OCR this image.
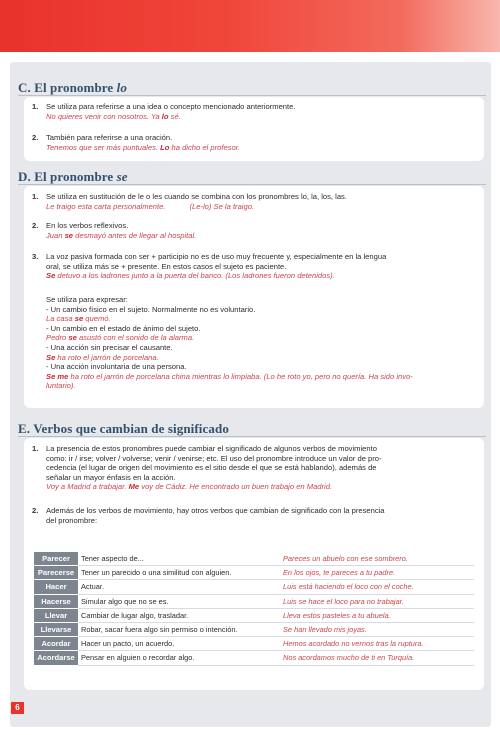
C. El pronombre lo
1. Se utiliza para referirse a una idea o concepto mencionado anteriormente.
No quieres venir con nosotros. Ya lo sé.
2. También para referirse a una oración.
Tenemos que ser más puntuales. Lo ha dicho el profesor.
D. El pronombre se
1. Se utiliza en sustitución de le o les cuando se combina con los pronombres lo, la, los, las.
Le traigo esta carta personalmente.	(Le-lo) Se la traigo.
2. En los verbos reflexivos.
Juan se desmayó antes de llegar al hospital.
3. La voz pasiva formada con ser + participio no es de uso muy frecuente y, especialmente en la lengua
oral, se utiliza más se + presente. En estos casos el sujeto es paciente.
Se detuvo a los ladrones junto a la puerta del banco. (Los ladrones fueron detenidos).
Se utiliza para expresar:
- Un cambio físico en el sujeto. Normalmente no es voluntario.
La casa se quemó.
- Un cambio en el estado de ánimo del sujeto.
Pedro se asustó con el sonido de la alarma.
- Una acción sin precisar el causante.
Se ha roto el jarrón de porcelana.
- Una acción involuntaria de una persona.
Se me ha roto el jarrón de porcelana china mientras lo limpiaba. (Lo he roto yo, pero no quería. Ha sido invo-
luntario).
E. Verbos que cambian de significado
1. La presencia de estos pronombres puede cambiar el significado de algunos verbos de movimiento
como: ir / irse; volver / volverse; venir / venirse; etc. El uso del pronombre introduce un valor de pro-
cedencia (el lugar de origen del movimiento es el sitio desde el que se está hablando), además de
señalar un mayor énfasis en la acción.
Voy a Madrid a trabajar. Me voy de Cádiz. He encontrado un buen trabajo en Madrid.
2. Además de los verbos de movimiento, hay otros verbos que cambian de significado con la presencia
del pronombre:
Parecer	Tener aspecto de...	Pareces un abuelo con ese sombrero.
Parecerse	Tener un parecido o una similitud con alguien.	En los ojos, te pareces a tu padre.
Hacer	Actuar.	Luis está haciendo el loco con el coche.
Hacerse	Simular algo que no se es.	Luis se hace el loco para no trabajar.
Llevar	Cambiar de lugar algo, trasladar.	Lleva estos pasteles a tu abuela.
Llevarse	Robar, sacar fuera algo sin permiso o intención.	Se han llevado mis joyas.
Acordar	Hacer un pacto, un acuerdo.	Hemos acordado no vernos tras la ruptura.
Acordarse	Pensar en alguien o recordar algo.	Nos acordamos mucho de ti en Turquía.
6
